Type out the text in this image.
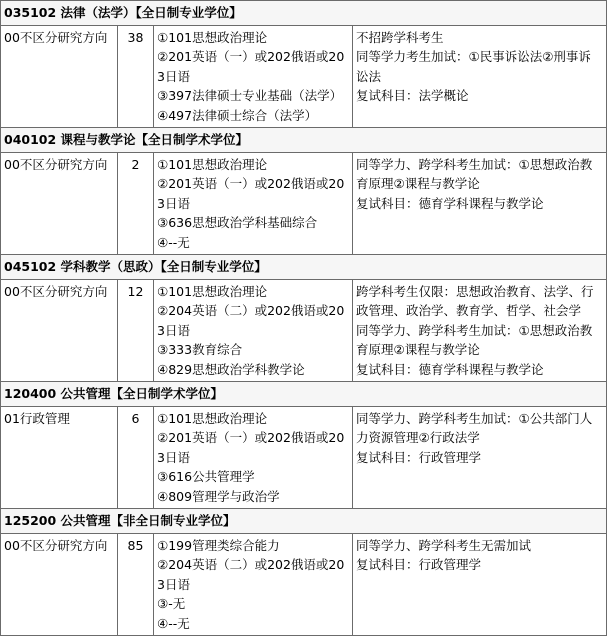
035102 法律（法学）【全日制专业学位】			
00不区分研究方向	38	①101思想政治理论
②201英语（一）或202俄语或203日语
③397法律硕士专业基础（法学）
④497法律硕士综合（法学）	不招跨学科考生
同等学力考生加试：①民事诉讼法②刑事诉讼法
复试科目：法学概论

040102 课程与教学论【全日制学术学位】			
00不区分研究方向	2	①101思想政治理论
②201英语（一）或202俄语或203日语
③636思想政治学科基础综合
④--无	同等学力、跨学科考生加试：①思想政治教育原理②课程与教学论
复试科目：德育学科课程与教学论

045102 学科教学（思政）【全日制专业学位】			
00不区分研究方向	12	①101思想政治理论
②204英语（二）或202俄语或203日语
③333教育综合
④829思想政治学科教学论	跨学科考生仅限：思想政治教育、法学、行政管理、政治学、教育学、哲学、社会学
同等学力、跨学科考生加试：①思想政治教育原理②课程与教学论
复试科目：德育学科课程与教学论

120400 公共管理【全日制学术学位】			
01行政管理	6	①101思想政治理论
②201英语（一）或202俄语或203日语
③616公共管理学
④809管理学与政治学	同等学力、跨学科考生加试：①公共部门人力资源管理②行政法学
复试科目：行政管理学

125200 公共管理【非全日制专业学位】			
00不区分研究方向	85	①199管理类综合能力
②204英语（二）或202俄语或203日语
③-无
④--无	同等学力、跨学科考生无需加试
复试科目：行政管理学
